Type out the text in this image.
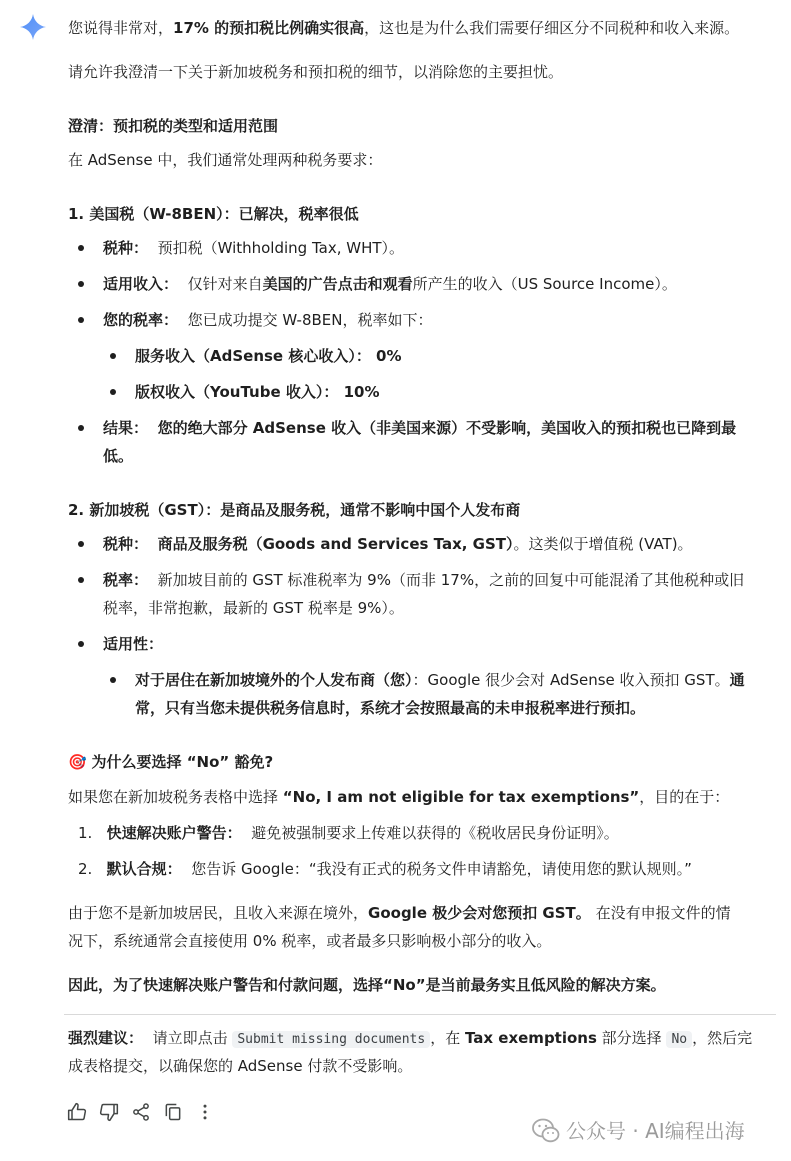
您说得非常对，17% 的预扣税比例确实很高，这也是为什么我们需要仔细区分不同税种和收入来源。
请允许我澄清一下关于新加坡税务和预扣税的细节，以消除您的主要担忧。
澄清：预扣税的类型和适用范围
在 AdSense 中，我们通常处理两种税务要求：
1. 美国税（W-8BEN）：已解决，税率很低
税种： 预扣税（Withholding Tax, WHT）。
适用收入： 仅针对来自美国的广告点击和观看所产生的收入（US Source Income）。
您的税率： 您已成功提交 W-8BEN，税率如下：
服务收入（AdSense 核心收入）： 0%
版权收入（YouTube 收入）： 10%
结果： 您的绝大部分 AdSense 收入（非美国来源）不受影响，美国收入的预扣税也已降到最
低。
2. 新加坡税（GST）：是商品及服务税，通常不影响中国个人发布商
税种： 商品及服务税（Goods and Services Tax, GST）。这类似于增值税 (VAT)。
税率： 新加坡目前的 GST 标准税率为 9%（而非 17%，之前的回复中可能混淆了其他税种或旧
税率，非常抱歉，最新的 GST 税率是 9%）。
适用性：
对于居住在新加坡境外的个人发布商（您）：Google 很少会对 AdSense 收入预扣 GST。通
常，只有当您未提供税务信息时，系统才会按照最高的未申报税率进行预扣。
🎯 为什么要选择 “No” 豁免?
如果您在新加坡税务表格中选择 “No, I am not eligible for tax exemptions”，目的在于：
1. 快速解决账户警告： 避免被强制要求上传难以获得的《税收居民身份证明》。
2. 默认合规： 您告诉 Google：“我没有正式的税务文件申请豁免，请使用您的默认规则。”
由于您不是新加坡居民，且收入来源在境外，Google 极少会对您预扣 GST。 在没有申报文件的情
况下，系统通常会直接使用 0% 税率，或者最多只影响极小部分的收入。
因此，为了快速解决账户警告和付款问题，选择“No”是当前最务实且低风险的解决方案。
强烈建议： 请立即点击 Submit missing documents ，在 Tax exemptions 部分选择 No ，然后完
成表格提交，以确保您的 AdSense 付款不受影响。
公众号 · AI编程出海
